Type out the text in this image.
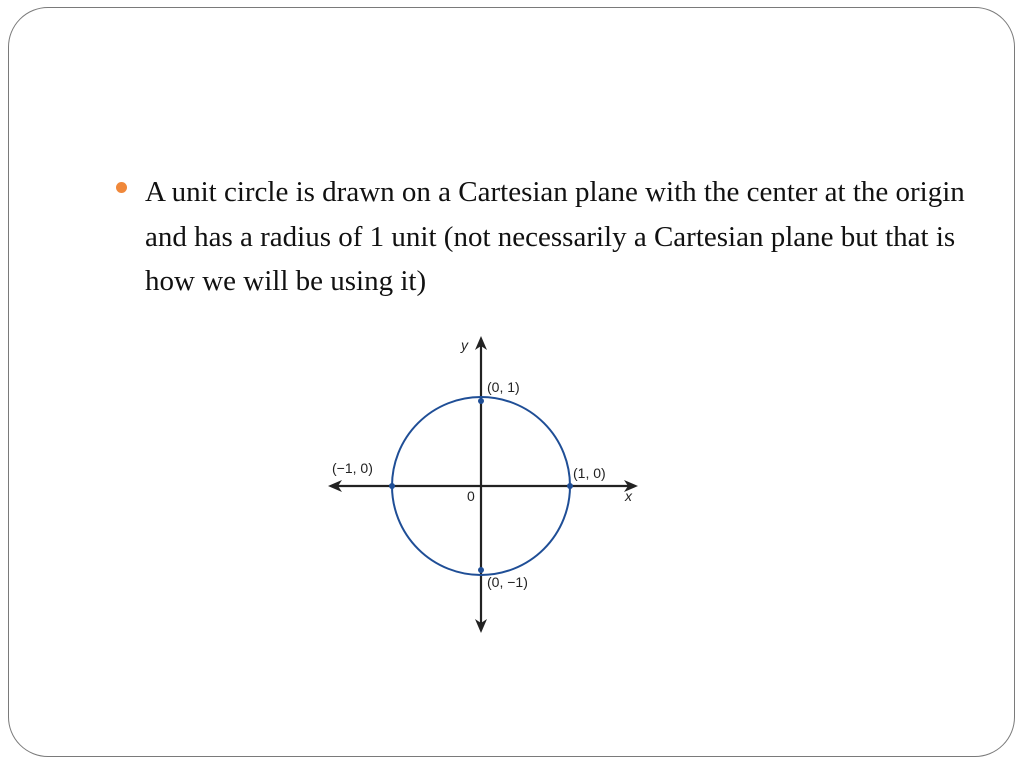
A unit circle is drawn on a Cartesian plane with the center at the origin and has a radius of 1 unit (not necessarily a Cartesian plane but that is how we will be using it)
y
x
0
(0, 1)
(−1, 0)	(1, 0)
(0, −1)
